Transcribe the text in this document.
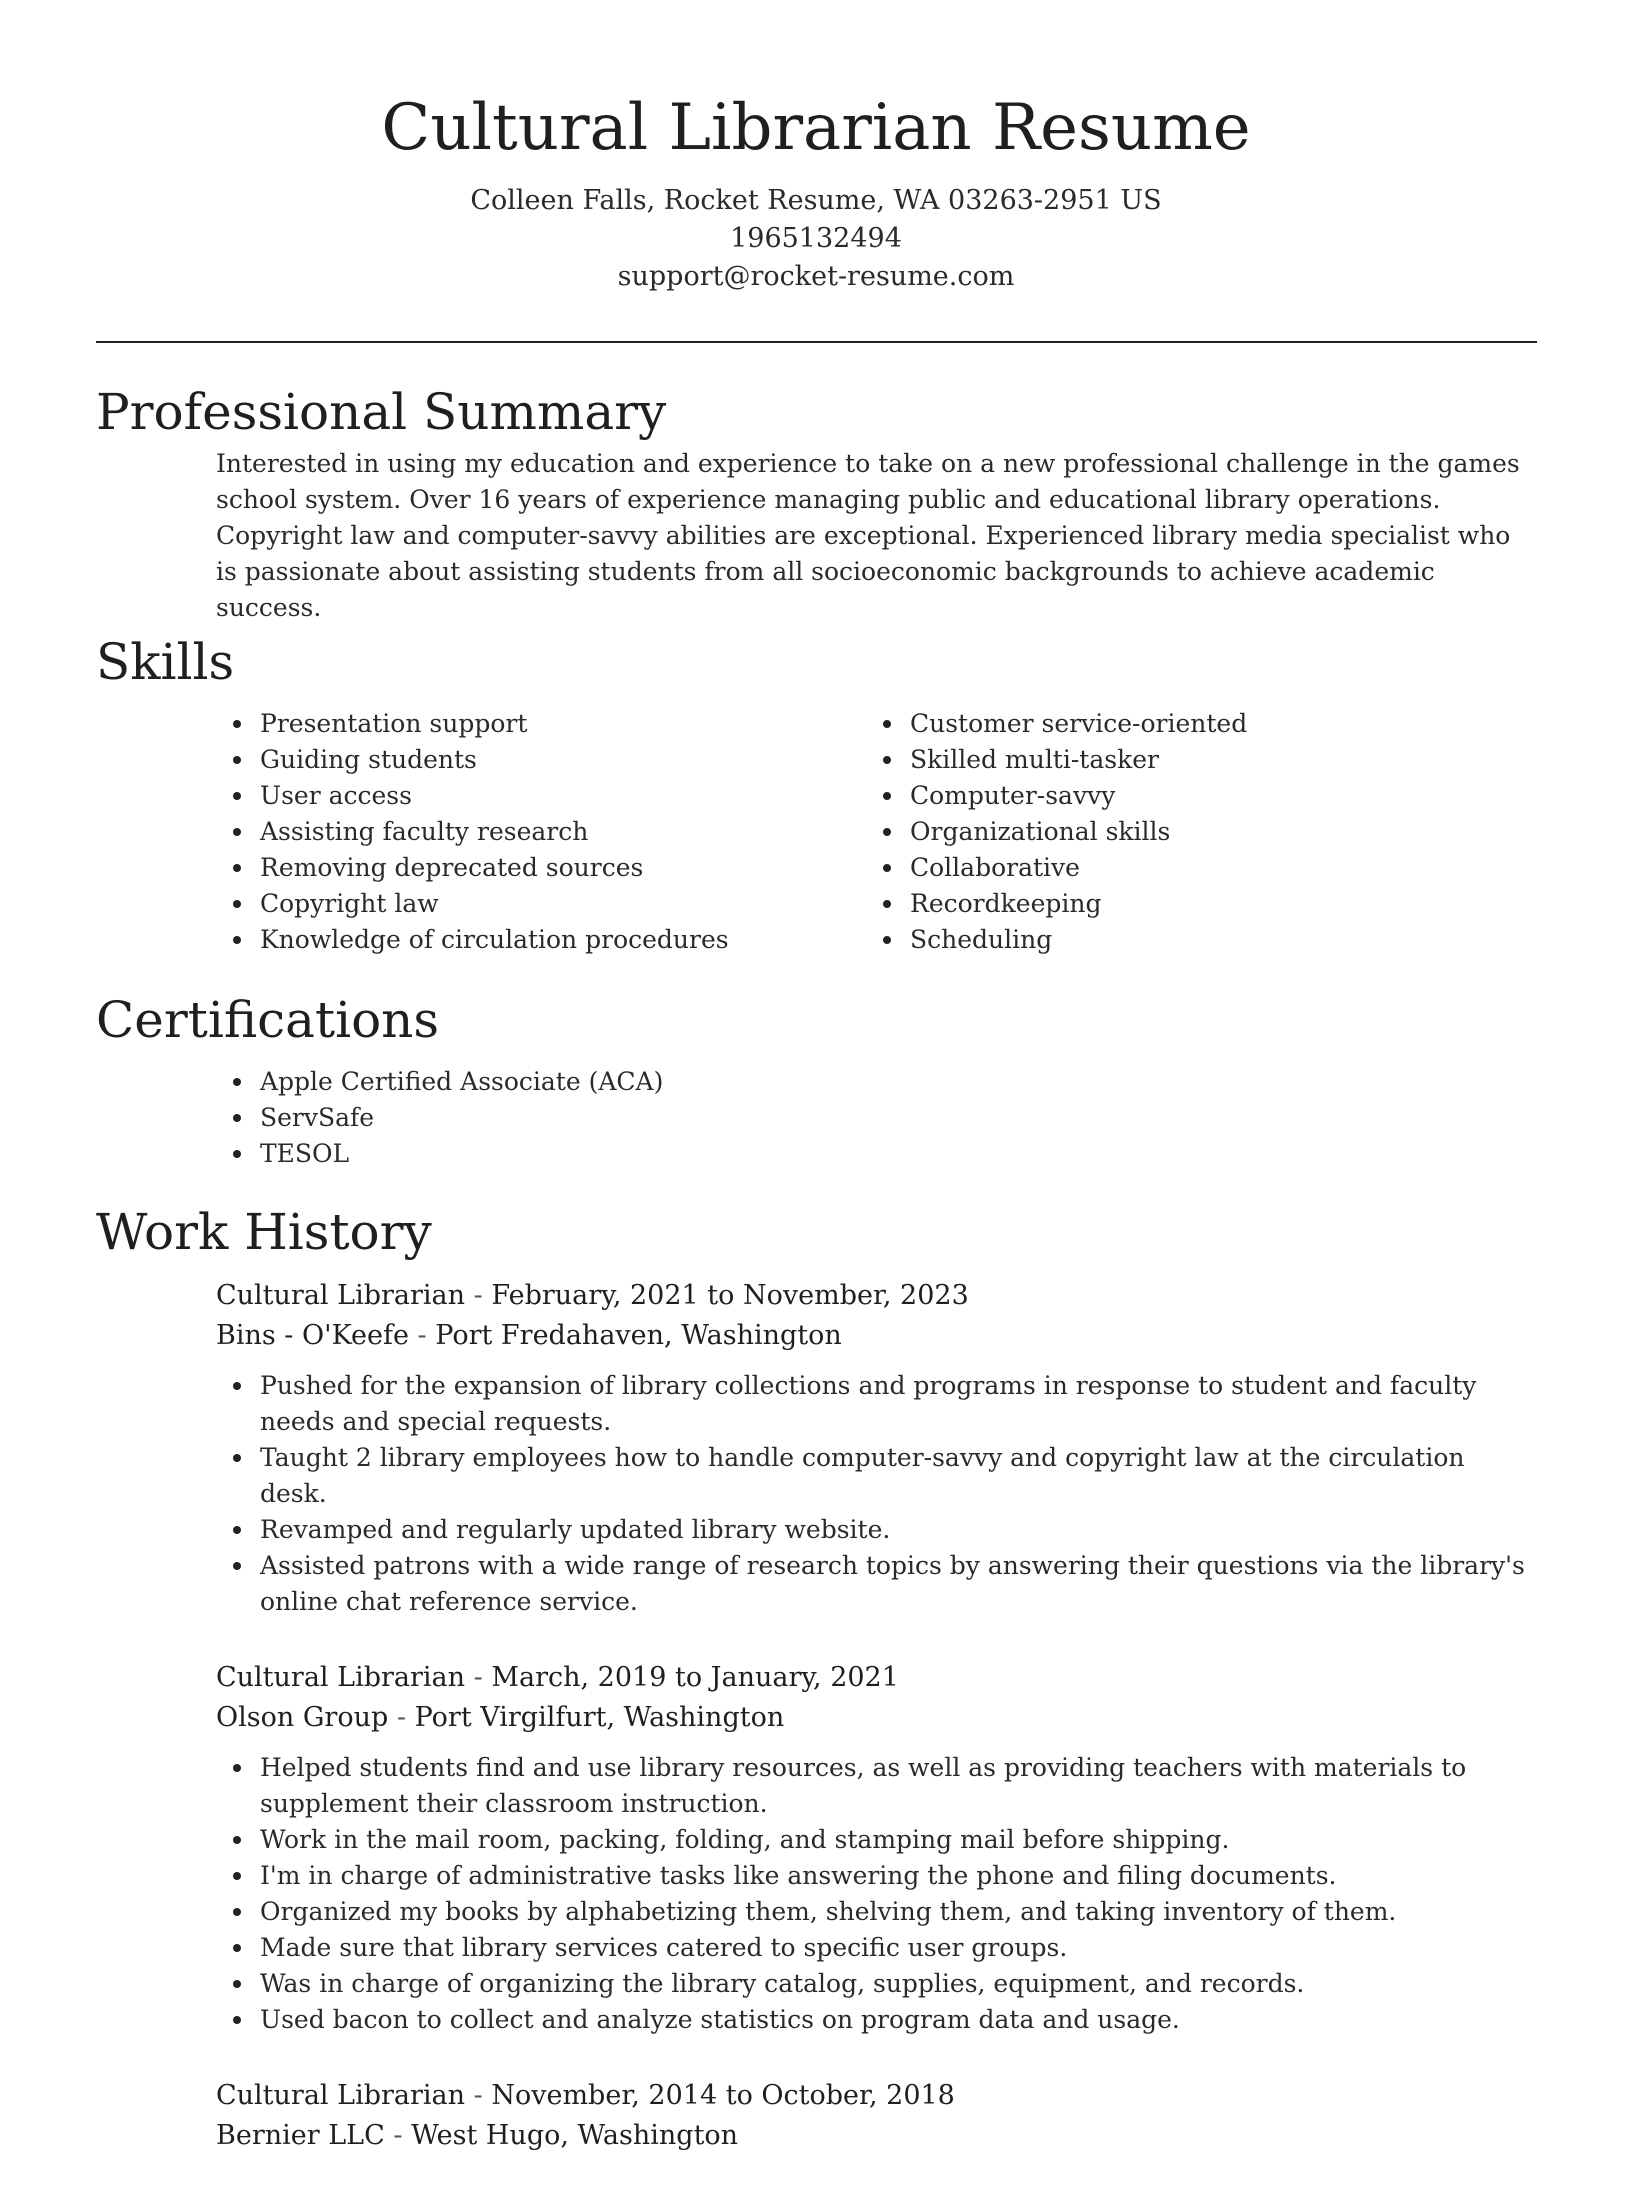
Cultural Librarian Resume
Colleen Falls, Rocket Resume, WA 03263-2951 US
1965132494
support@rocket-resume.com
Professional Summary

Interested in using my education and experience to take on a new professional challenge in the games school system. Over 16 years of experience managing public and educational library operations. Copyright law and computer-savvy abilities are exceptional. Experienced library media specialist who is passionate about assisting students from all socioeconomic backgrounds to achieve academic success.

Skills
Presentation support
Guiding students
User access
Assisting faculty research
Removing deprecated sources
Copyright law
Knowledge of circulation procedures
Customer service-oriented
Skilled multi-tasker
Computer-savvy
Organizational skills
Collaborative
Recordkeeping
Scheduling
Certifications
Apple Certified Associate (ACA)
ServSafe
TESOL
Work History
Cultural Librarian - February, 2021 to November, 2023
Bins - O'Keefe - Port Fredahaven, Washington
Pushed for the expansion of library collections and programs in response to student and faculty needs and special requests.
Taught 2 library employees how to handle computer-savvy and copyright law at the circulation desk.
Revamped and regularly updated library website.
Assisted patrons with a wide range of research topics by answering their questions via the library's online chat reference service.
Cultural Librarian - March, 2019 to January, 2021
Olson Group - Port Virgilfurt, Washington
Helped students find and use library resources, as well as providing teachers with materials to supplement their classroom instruction.
Work in the mail room, packing, folding, and stamping mail before shipping.
I'm in charge of administrative tasks like answering the phone and filing documents.
Organized my books by alphabetizing them, shelving them, and taking inventory of them.
Made sure that library services catered to specific user groups.
Was in charge of organizing the library catalog, supplies, equipment, and records.
Used bacon to collect and analyze statistics on program data and usage.
Cultural Librarian - November, 2014 to October, 2018
Bernier LLC - West Hugo, Washington
